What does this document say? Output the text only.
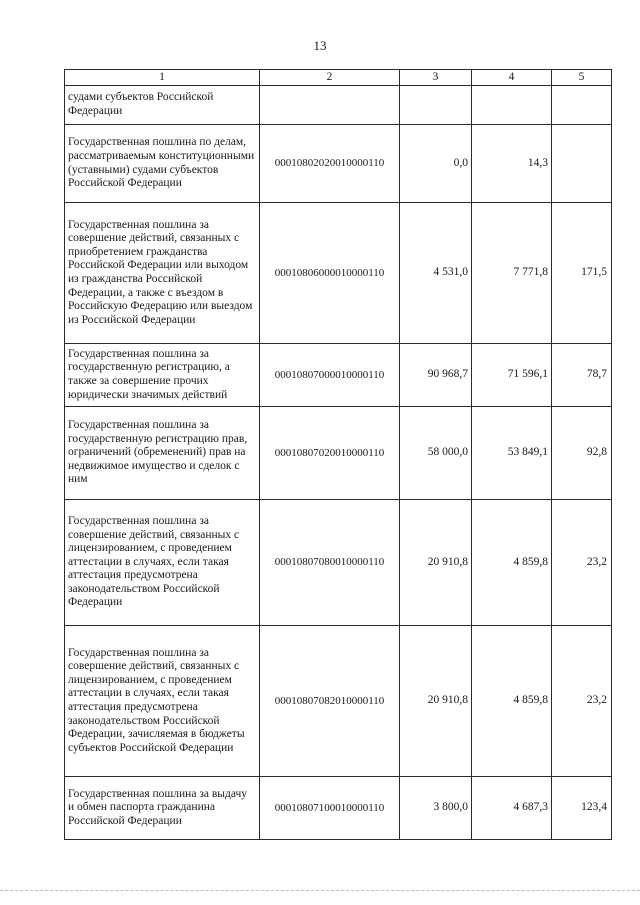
13
1	2	3	4	5
судами субъектов Российской Федерации				
Государственная пошлина по делам, рассматриваемым конституционными (уставными) судами субъектов Российской Федерации	00010802020010000110	0,0	14,3	
Государственная пошлина за совершение действий, связанных с приобретением гражданства Российской Федерации или выходом из гражданства Российской Федерации, а также с въездом в Российскую Федерацию или выездом из Российской Федерации	00010806000010000110	4 531,0	7 771,8	171,5
Государственная пошлина за государственную регистрацию, а также за совершение прочих юридически значимых действий	00010807000010000110	90 968,7	71 596,1	78,7
Государственная пошлина за государственную регистрацию прав, ограничений (обременений) прав на недвижимое имущество и сделок с ним	00010807020010000110	58 000,0	53 849,1	92,8
Государственная пошлина за совершение действий, связанных с лицензированием, с проведением аттестации в случаях, если такая аттестация предусмотрена законодательством Российской Федерации	00010807080010000110	20 910,8	4 859,8	23,2
Государственная пошлина за совершение действий, связанных с лицензированием, с проведением аттестации в случаях, если такая аттестация предусмотрена законодательством Российской Федерации, зачисляемая в бюджеты субъектов Российской Федерации	00010807082010000110	20 910,8	4 859,8	23,2
Государственная пошлина за выдачу и обмен паспорта гражданина Российской Федерации	00010807100010000110	3 800,0	4 687,3	123,4
